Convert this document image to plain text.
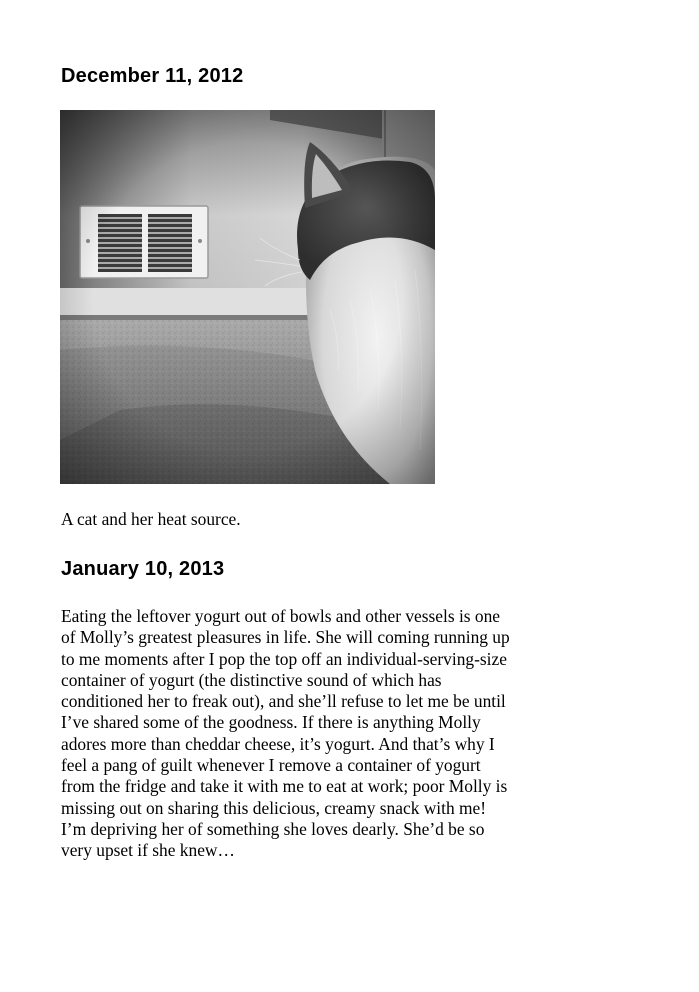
December 11, 2012

A cat and her heat source.

January 10, 2013

Eating the leftover yogurt out of bowls and other vessels is one
of Molly’s greatest pleasures in life. She will coming running up
to me moments after I pop the top off an individual-serving-size
container of yogurt (the distinctive sound of which has
conditioned her to freak out), and she’ll refuse to let me be until
I’ve shared some of the goodness. If there is anything Molly
adores more than cheddar cheese, it’s yogurt. And that’s why I
feel a pang of guilt whenever I remove a container of yogurt
from the fridge and take it with me to eat at work; poor Molly is
missing out on sharing this delicious, creamy snack with me!
I’m depriving her of something she loves dearly. She’d be so
very upset if she knew…
